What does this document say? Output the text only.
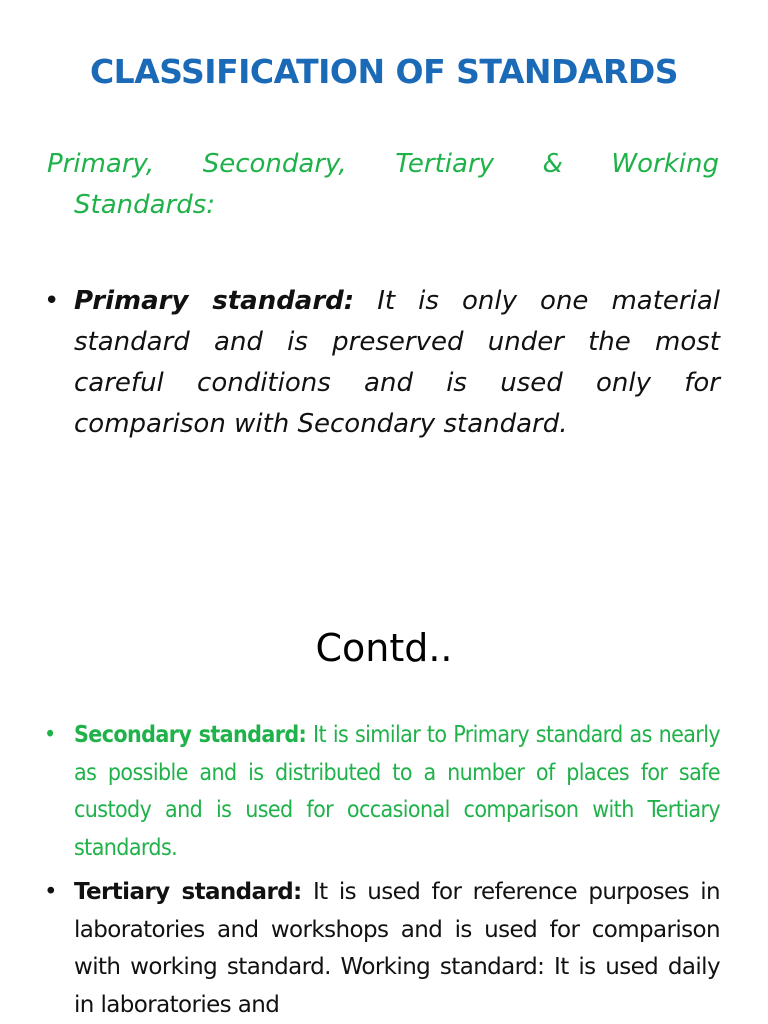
CLASSIFICATION OF STANDARDS
Primary, Secondary, Tertiary & Working
Standards:
• Primary standard: It is only one material standard and is preserved under the most careful conditions and is used only for comparison with Secondary standard.
Contd..
• Secondary standard: It is similar to Primary standard as nearly as possible and is distributed to a number of places for safe custody and is used for occasional comparison with Tertiary standards.
• Tertiary standard: It is used for reference purposes in laboratories and workshops and is used for comparison with working standard. Working standard: It is used daily in laboratories and
